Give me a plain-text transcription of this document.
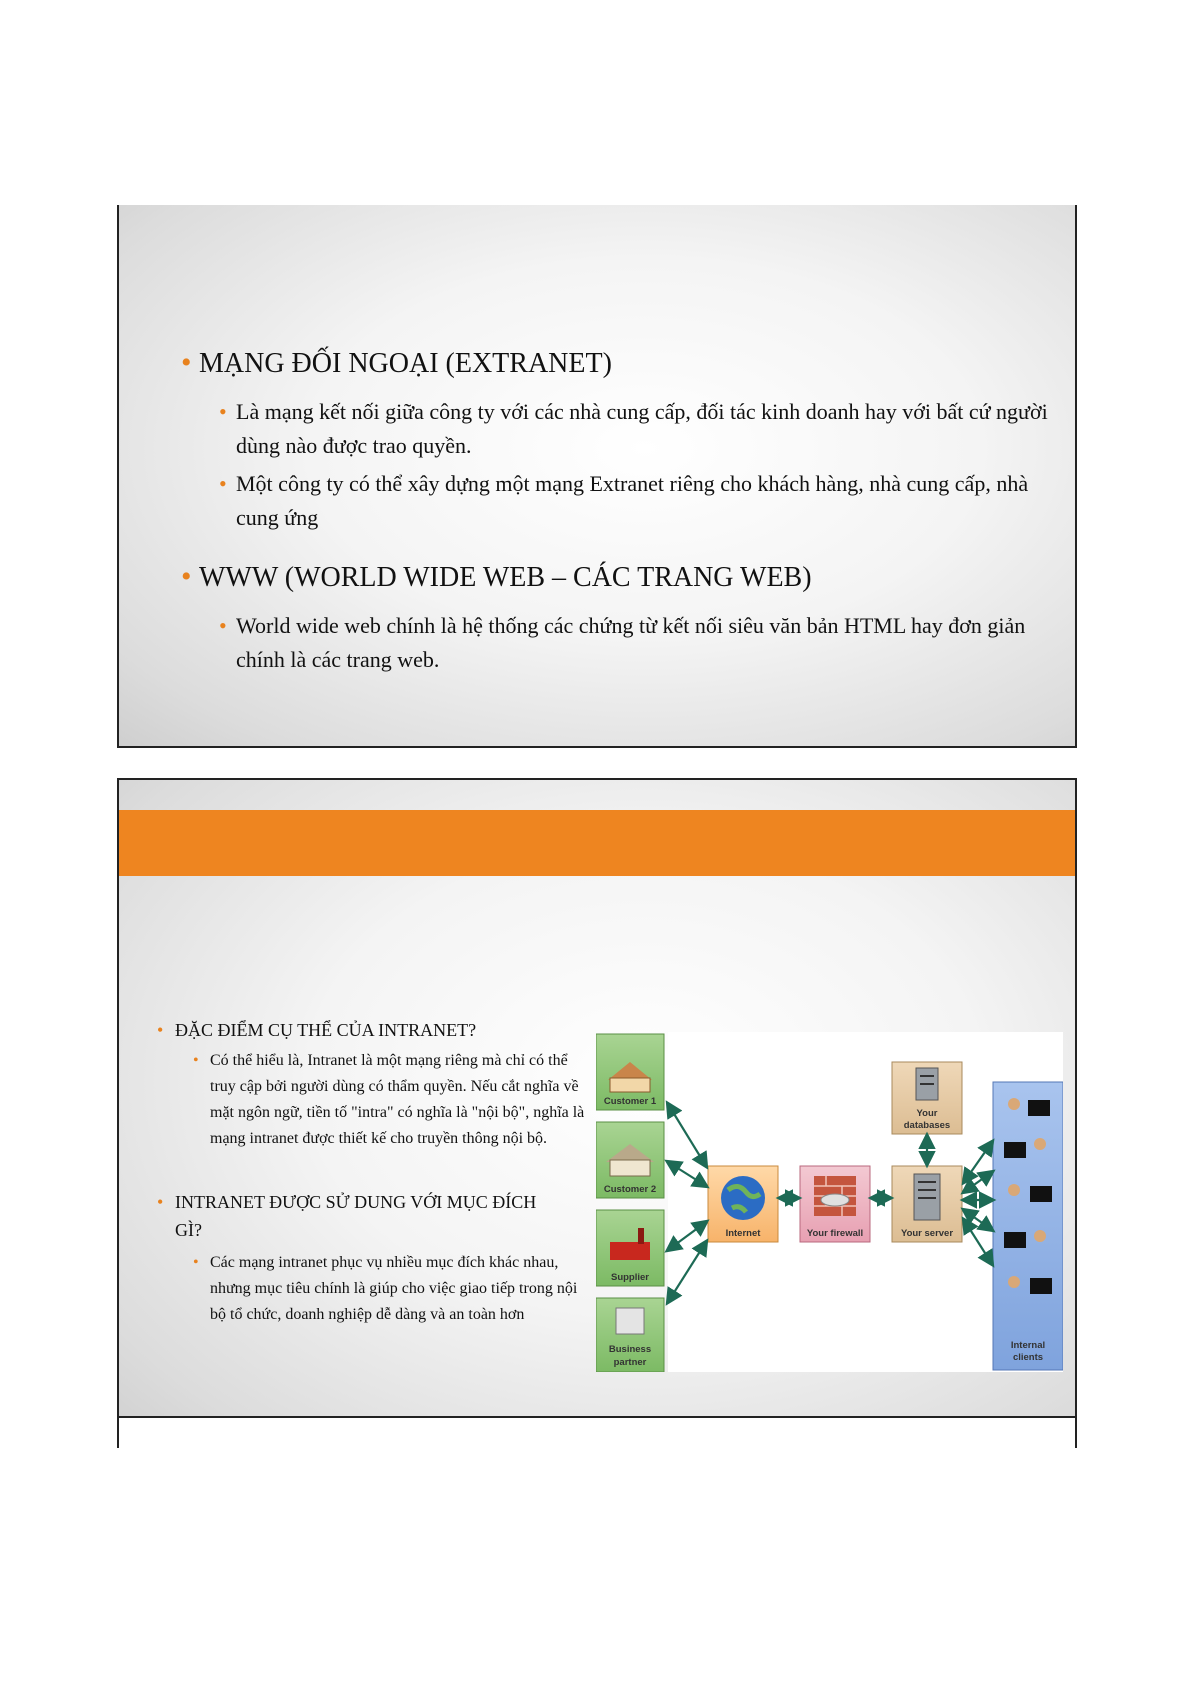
• MẠNG ĐỐI NGOẠI (EXTRANET)
• Là mạng kết nối giữa công ty với các nhà cung cấp, đối tác kinh doanh hay với bất cứ người dùng nào được trao quyền.
• Một công ty có thể xây dựng một mạng Extranet riêng cho khách hàng, nhà cung cấp, nhà cung ứng
• WWW (WORLD WIDE WEB – CÁC TRANG WEB)
• World wide web chính là hệ thống các chứng từ kết nối siêu văn bản HTML hay đơn giản chính là các trang web.
• ĐẶC ĐIỂM CỤ THỂ CỦA INTRANET?
• Có thể hiểu là, Intranet là một mạng riêng mà chỉ có thể truy cập bởi người dùng có thẩm quyền. Nếu cắt nghĩa về mặt ngôn ngữ, tiền tố "intra" có nghĩa là "nội bộ", nghĩa là mạng intranet được thiết kế cho truyền thông nội bộ.
• INTRANET ĐƯỢC SỬ DUNG VỚI MỤC ĐÍCH GÌ?
• Các mạng intranet phục vụ nhiều mục đích khác nhau, nhưng mục tiêu chính là giúp cho việc giao tiếp trong nội bộ tổ chức, doanh nghiệp dễ dàng và an toàn hơn
Customer 1
Customer 2
Supplier
Business
partner
Internet	Your firewall	Your server
Your
databases
Internal
clients
